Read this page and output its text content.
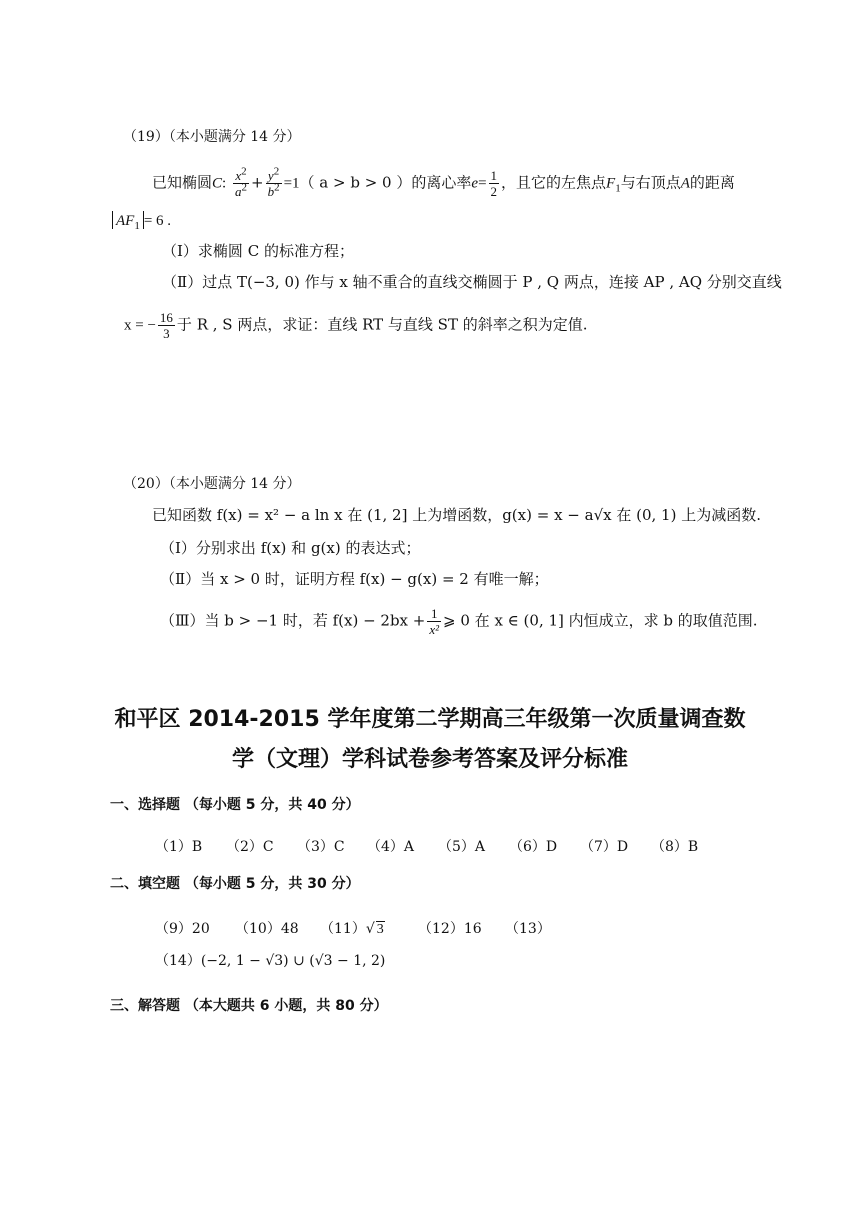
（19）（本小题满分 14 分）
已知椭圆C: $\frac{x^2}{a^2} + \frac{y^2}{b^2} =1$（ a > b > 0 ）的离心率$e= \frac{1}{2}$ ，且它的左焦点$F_1$与右顶点A的距离
$AF_1 = 6$ .
（Ⅰ）求椭圆 C 的标准方程；
（Ⅱ）过点 T(−3, 0) 作与 x 轴不重合的直线交椭圆于 P , Q 两点，连接 AP , AQ 分别交直线
x = − $\frac{16}{3}$ 于 R , S 两点，求证：直线 RT 与直线 ST 的斜率之积为定值.
（20）（本小题满分 14 分）
已知函数 f(x) = x² − a ln x 在 (1, 2] 上为增函数，g(x) = x − a√x 在 (0, 1) 上为减函数.
（Ⅰ）分别求出 f(x) 和 g(x) 的表达式；
（Ⅱ）当 x > 0 时，证明方程 f(x) − g(x) = 2 有唯一解；
（Ⅲ）当 b > −1 时，若 $f(x) - 2bx + \frac{1}{\text{x²}}$ ⩾ 0 在 x ∈ (0, 1] 内恒成立，求 b 的取值范围.
和平区 2014-2015 学年度第二学期高三年级第一次质量调查数
学（文理）学科试卷参考答案及评分标准
一、选择题 （每小题 5 分，共 40 分）
（1）B （2）C （3）C （4）A （5）A （6）D （7）D （8）B
二、填空题 （每小题 5 分，共 30 分）
（9）20 （10）48 （11）√ 3 （12）16 （13）
（14）(−2, 1 − √3) ∪ (√3 − 1, 2)
三、解答题 （本大题共 6 小题，共 80 分）
